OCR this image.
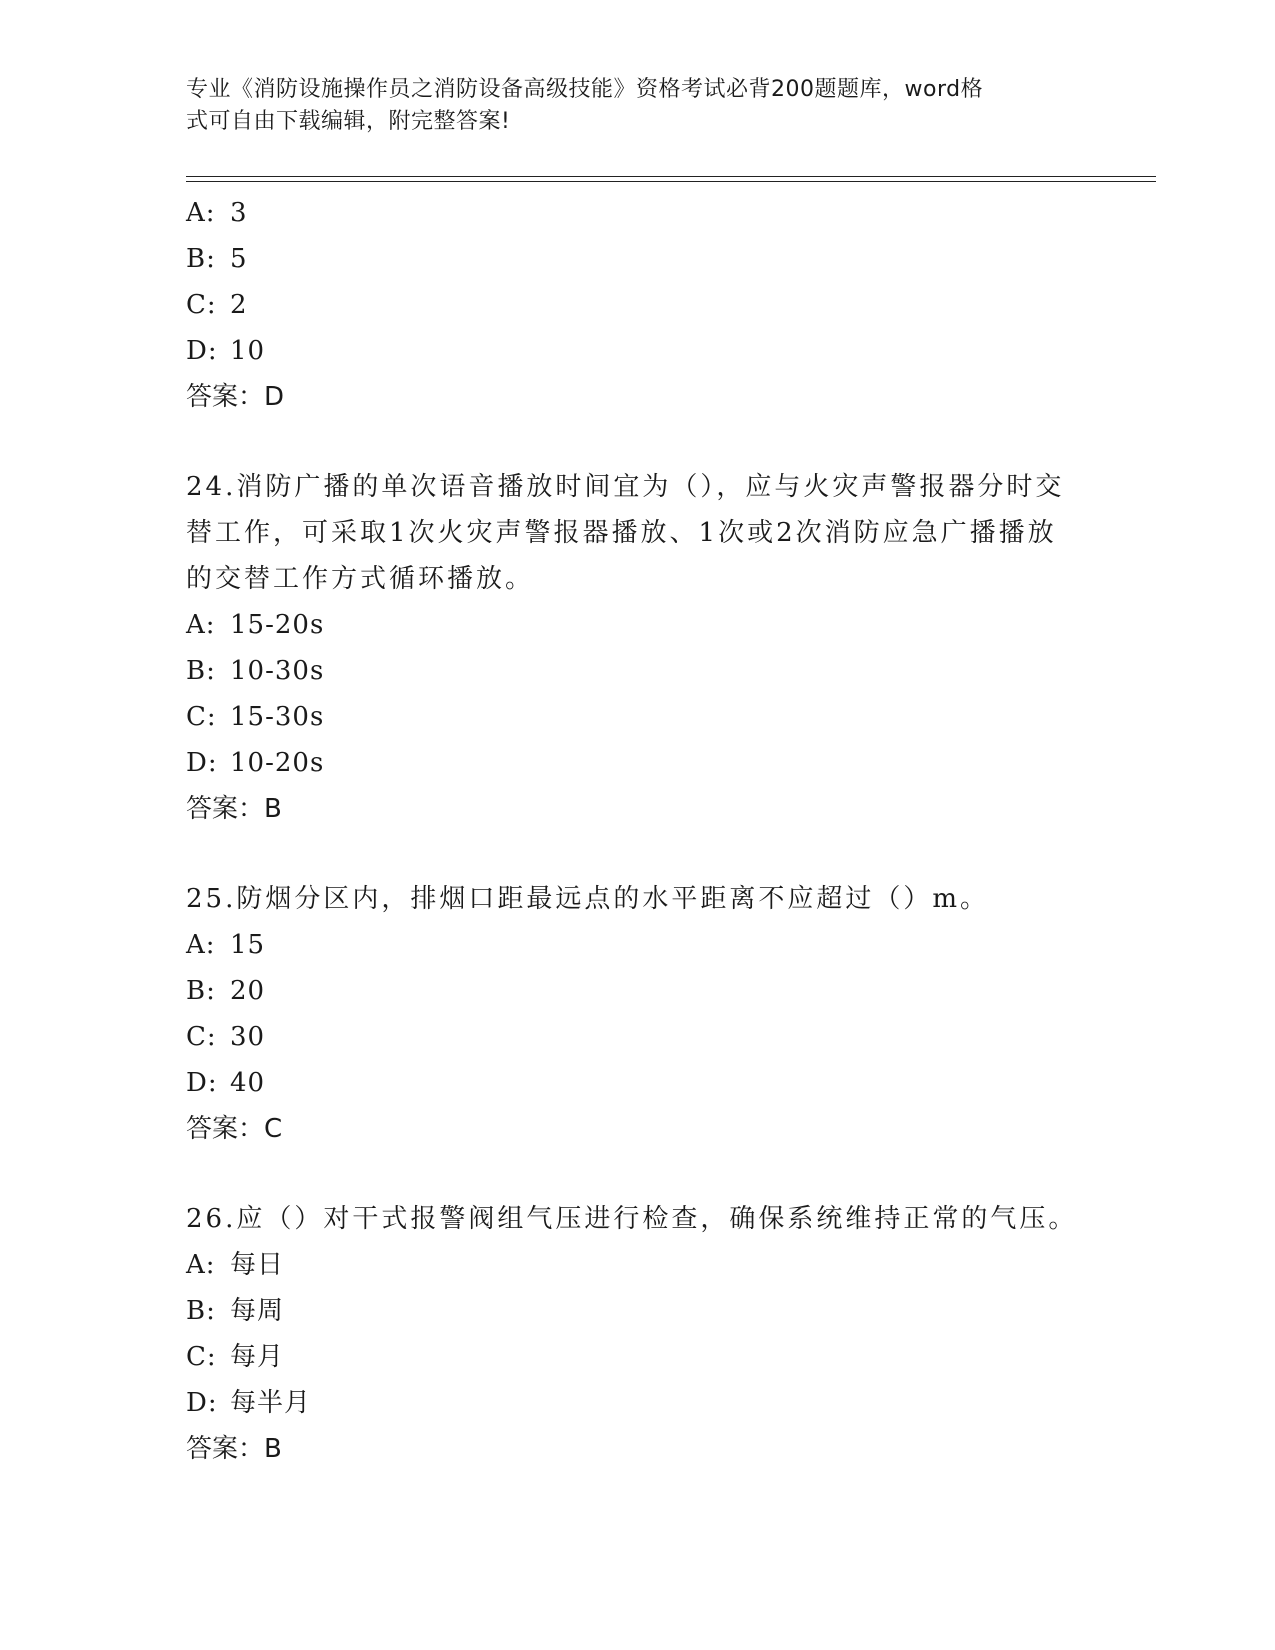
专业《消防设施操作员之消防设备高级技能》资格考试必背200题题库，word格
式可自由下载编辑，附完整答案!
A: 3
B: 5
C: 2
D: 10
答案：D
24.消防广播的单次语音播放时间宜为（），应与火灾声警报器分时交
替工作，可采取1次火灾声警报器播放、1次或2次消防应急广播播放
的交替工作方式循环播放。
A: 15-20s
B: 10-30s
C: 15-30s
D: 10-20s
答案：B
25.防烟分区内，排烟口距最远点的水平距离不应超过（）m。
A: 15
B: 20
C: 30
D: 40
答案：C
26.应（）对干式报警阀组气压进行检查，确保系统维持正常的气压。
A: 每日
B: 每周
C: 每月
D: 每半月
答案：B
